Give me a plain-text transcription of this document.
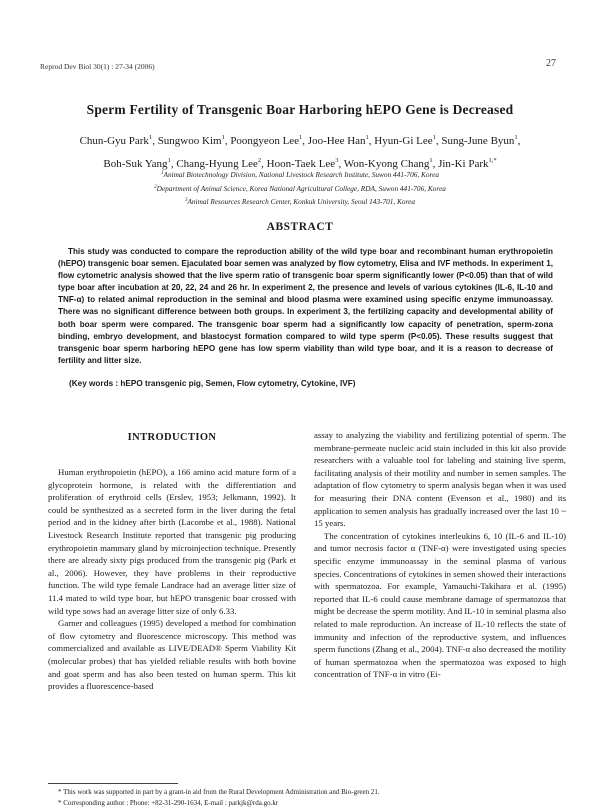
Reprod Dev Biol 30(1) : 27-34 (2006)	27
Sperm Fertility of Transgenic Boar Harboring hEPO Gene is Decreased
Chun-Gyu Park$^1$, Sungwoo Kim$^1$, Poongyeon Lee$^1$, Joo-Hee Han$^1$, Hyun-Gi Lee$^1$, Sung-June Byun$^1$,
Boh-Suk Yang$^1$, Chang-Hyung Lee$^2$, Hoon-Taek Lee$^3$, Won-Kyong Chang$^1$, Jin-Ki Park$^{1,*}$
$^1$Animal Biotechnology Division, National Livestock Research Institute, Suwon 441-706, Korea
$^2$Department of Animal Science, Korea National Agricultural College, RDA, Suwon 441-706, Korea
$^3$Animal Resources Research Center, Konkuk University, Seoul 143-701, Korea
ABSTRACT
This study was conducted to compare the reproduction ability of the wild type boar and recombinant human erythropoietin (hEPO) transgenic boar semen. Ejaculated boar semen was analyzed by flow cytometry, Elisa and IVF methods. In experiment 1, flow cytometric analysis showed that the live sperm ratio of transgenic boar sperm significantly lower (P<0.05) than that of wild type boar after incubation at 20, 22, 24 and 26 hr. In experiment 2, the presence and levels of various cytokines (IL-6, IL-10 and TNF-α) to related animal reproduction in the seminal and blood plasma were examined using specific enzyme immunoassay. There was no significant difference between both groups. In experiment 3, the fertilizing capacity and developmental ability of both boar sperm were compared. The transgenic boar sperm had a significantly low capacity of penetration, sperm-zona binding, embryo development, and blastocyst formation compared to wild type sperm (P<0.05). These results suggest that transgenic boar sperm harboring hEPO gene has low sperm viability than wild type boar, and it is a reason to decrease of fertility and litter size.
(Key words : hEPO transgenic pig, Semen, Flow cytometry, Cytokine, IVF)
INTRODUCTION

Human erythropoietin (hEPO), a 166 amino acid mature form of a glycoprotein hormone, is related with the differentiation and proliferation of erythroid cells (Erslev, 1953; Jelkmann, 1992). It could be synthesized as a secreted form in the liver during the fetal period and in the kidney after birth (Lacombe et al., 1988). National Livestock Research Institute reported that transgenic pig producing erythropoietin mammary gland by microinjection technique. Presently there are already sixty pigs produced from the transgenic pig (Park et al., 2006). However, they have problems in their reproductive function. The wild type female Landrace had an average litter size of 11.4 mated to wild type boar, but hEPO transgenic boar crossed with wild type sows had an average litter size of only 6.33.

Garner and colleagues (1995) developed a method for combination of flow cytometry and fluorescence microscopy. This method was commercialized and available as LIVE/DEAD® Sperm Viability Kit (molecular probes) that has yielded reliable results with both bovine and goat sperm and has also been tested on human sperm. This kit provides a fluorescence-based

assay to analyzing the viability and fertilizing potential of sperm. The membrane-permeate nucleic acid stain included in this kit also provide researchers with a valuable tool for labeling and staining live sperm, facilitating analysis of their motility and number in semen samples. The adaptation of flow cytometry to sperm analysis began when it was used for measuring their DNA content (Evenson et al., 1980) and its application to semen analysis has gradually increased over the last 10 ~ 15 years.

The concentration of cytokines interleukins 6, 10 (IL-6 and IL-10) and tumor necrosis factor α (TNF-α) were investigated using species specific enzyme immunoassay in the seminal plasma of various species. Concentrations of cytokines in semen showed their interactions with spermatozoa. For example, Yamauchi-Takihara et al. (1995) reported that IL-6 could cause membrane damage of spermatozoa that might be decrease the sperm motility. And IL-10 in seminal plasma also related to male reproduction. An increase of IL-10 reflects the state of immunity and infection of the reproductive system, and influences sperm functions (Zhang et al., 2004). TNF-α also decreased the motility of human spermatozoa when the spermatozoa was exposed to high concentration of TNF-α in vitro (Ei-

* This work was supported in part by a grant-in aid from the Rural Development Administration and Bio-green 21.
* Corresponding author : Phone: +82-31-290-1634, E-mail : parkjk@rda.go.kr
